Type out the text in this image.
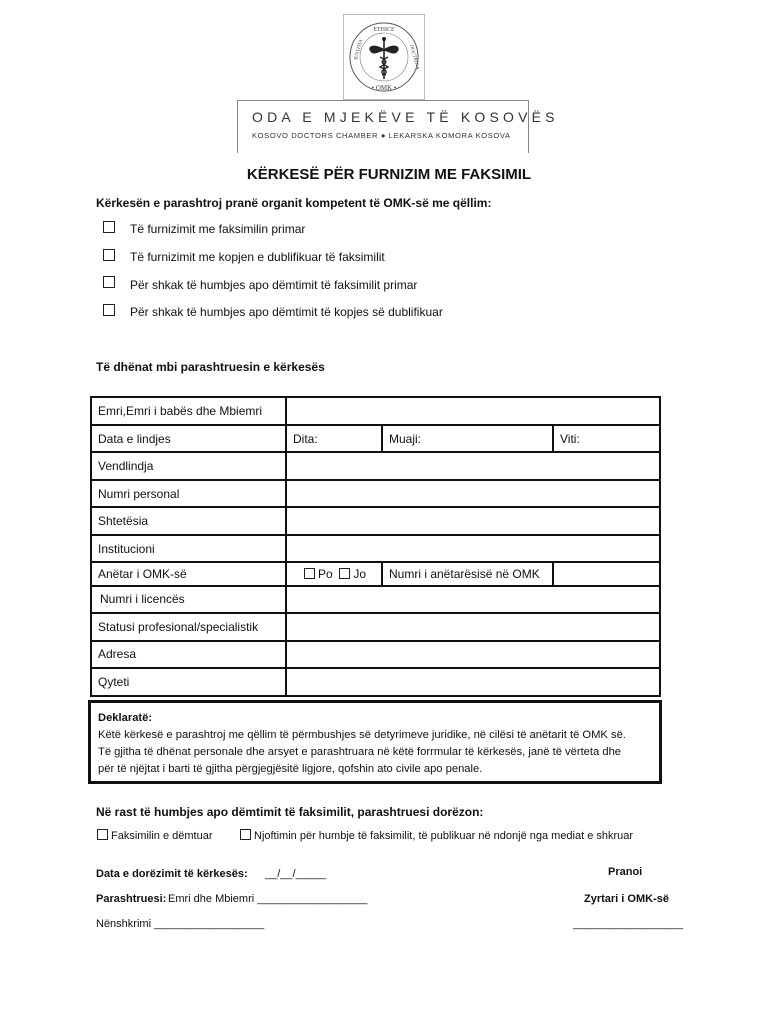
ETHICE
• OMK •
IUSTITIA	DOCTRINA
ODA E MJEKËVE TË KOSOVËS
KOSOVO DOCTORS CHAMBER ● LEKARSKA KOMORA KOSOVA
KËRKESË PËR FURNIZIM ME FAKSIMIL
Kërkesën e parashtroj pranë organit kompetent të OMK-së me qëllim:
Të furnizimit me faksimilin primar
Të furnizimit me kopjen e dublifikuar të faksimilit
Për shkak të humbjes apo dëmtimit të faksimilit primar
Për shkak të humbjes apo dëmtimit të kopjes së dublifikuar
Të dhënat mbi parashtruesin e kërkesës
Emri,Emri i babës dhe Mbiemri			
Data e lindjes	Dita:	Muaji:	Viti:
Vendlindja			
Numri personal			
Shtetësia			
Institucioni			
Anëtar i OMK-së	Po Jo	Numri i anëtarësisë në OMK	
Numri i licencës			
Statusi profesional/specialistik			
Adresa			
Qyteti			
Deklaratë:
Këtë kërkesë e parashtroj me qëllim të përmbushjes së detyrimeve juridike, në cilësi të anëtarit të OMK së.
Të gjitha të dhënat personale dhe arsyet e parashtruara në këtë forrmular të kërkesës, janë të vërteta dhe
për të njëjtat i barti të gjitha përgjegjësitë ligjore, qofshin ato civile apo penale.
Në rast të humbjes apo dëmtimit të faksimilit, parashtruesi dorëzon:
Faksimilin e dëmtuar	Njoftimin për humbje të faksimilit, të publikuar në ndonjë nga mediat e shkruar
Data e dorëzimit të kërkesës: __/__/_____	Pranoi
Parashtruesi: Emri dhe Mbiemri __________________	Zyrtari i OMK-së
Nënshkrimi __________________	__________________
